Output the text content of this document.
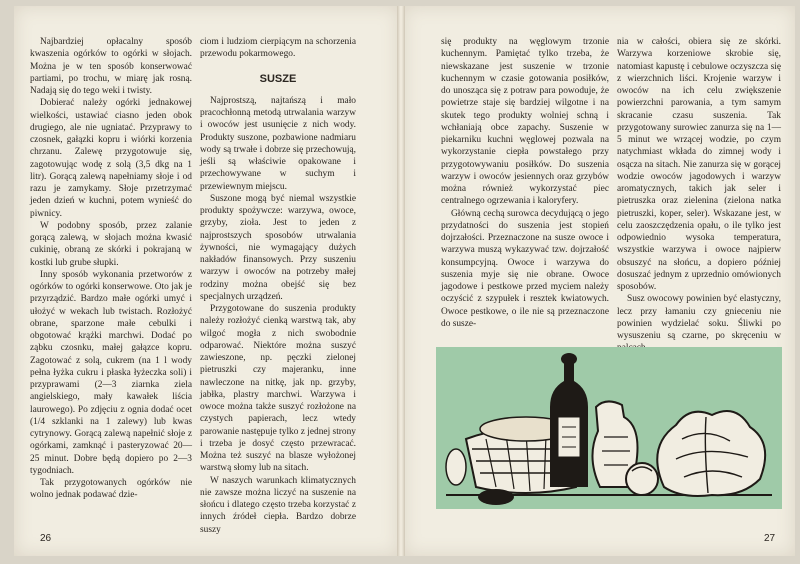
Najbardziej opłacalny sposób kwaszenia ogórków to ogórki w słojach. Można je w ten sposób konserwować partiami, po trochu, w miarę jak rosną. Nadają się do tego weki i twisty.

Dobierać należy ogórki jednakowej wielkości, ustawiać ciasno jeden obok drugiego, ale nie ugniatać. Przyprawy to czosnek, gałązki kopru i wiórki korzenia chrzanu. Zalewę przygotowuje się, zagotowując wodę z solą (3,5 dkg na 1 litr). Gorącą zalewą napełniamy słoje i od razu je zamykamy. Słoje przetrzymać jeden dzień w kuchni, potem wynieść do piwnicy.

W podobny sposób, przez zalanie gorącą zalewą, w słojach można kwasić cukinię, obraną ze skórki i pokrajaną w kostki lub grube słupki.

Inny sposób wykonania przetworów z ogórków to ogórki konserwowe. Oto jak je przyrządzić. Bardzo małe ogórki umyć i ułożyć w wekach lub twistach. Rozłożyć obrane, sparzone małe cebulki i obgotować krążki marchwi. Dodać po ząbku czosnku, małej gałązce kopru. Zagotować z solą, cukrem (na 1 l wody pełna łyżka cukru i płaska łyżeczka soli) i przyprawami (2—3 ziarnka ziela angielskiego, mały kawałek liścia laurowego). Po zdjęciu z ognia dodać ocet (1/4 szklanki na 1 zalewy) lub kwas cytrynowy. Gorącą zalewą napełnić słoje z ogórkami, zamknąć i pasteryzować 20—25 minut. Dobre będą dopiero po 2—3 tygodniach.

Tak przygotowanych ogórków nie wolno jednak podawać dzie-

ciom i ludziom cierpiącym na schorzenia przewodu pokarmowego.

SUSZE

Najprostszą, najtańszą i mało pracochłonną metodą utrwalania warzyw i owoców jest usunięcie z nich wody. Produkty suszone, pozbawione nadmiaru wody są trwałe i dobrze się przechowują, jeśli są właściwie opakowane i przechowywane w suchym i przewiewnym miejscu.

Suszone mogą być niemal wszystkie produkty spożywcze: warzywa, owoce, grzyby, zioła. Jest to jeden z najprostszych sposobów utrwalania żywności, nie wymagający dużych nakładów finansowych. Przy suszeniu warzyw i owoców na potrzeby małej rodziny można obejść się bez specjalnych urządzeń.

Przygotowane do suszenia produkty należy rozłożyć cienką warstwą tak, aby wilgoć mogła z nich swobodnie odparować. Niektóre można suszyć zawieszone, np. pęczki zielonej pietruszki czy majeranku, inne nawleczone na nitkę, jak np. grzyby, jabłka, plastry marchwi. Warzywa i owoce można także suszyć rozłożone na czystych papierach, lecz wtedy parowanie następuje tylko z jednej strony i trzeba je dosyć często przewracać. Można też suszyć na blasze wyłożonej warstwą słomy lub na sitach.

W naszych warunkach klimatycznych nie zawsze można liczyć na suszenie na słońcu i dlatego często trzeba korzystać z innych źródeł ciepła. Bardzo dobrze suszy

się produkty na węglowym trzonie kuchennym. Pamiętać tylko trzeba, że niewskazane jest suszenie w trzonie kuchennym w czasie gotowania posiłków, do unosząca się z potraw para powoduje, że powietrze staje się bardziej wilgotne i na skutek tego produkty wolniej schną i wchłaniają obce zapachy. Suszenie w piekarniku kuchni węglowej pozwala na wykorzystanie ciepła powstałego przy przygotowywaniu posiłków. Do suszenia warzyw i owoców jesiennych oraz grzybów można również wykorzystać piec centralnego ogrzewania i kaloryfery.

Główną cechą surowca decydującą o jego przydatności do suszenia jest stopień dojrzałości. Przeznaczone na susze owoce i warzywa muszą wykazywać tzw. dojrzałość konsumpcyjną. Owoce i warzywa do suszenia myje się nie obrane. Owoce jagodowe i pestkowe przed myciem należy oczyścić z szypułek i resztek kwiatowych. Owoce pestkowe, o ile nie są przeznaczone do susze-

nia w całości, obiera się ze skórki. Warzywa korzeniowe skrobie się, natomiast kapustę i cebulowe oczyszcza się z wierzchnich liści. Krojenie warzyw i owoców na ich celu zwiększenie powierzchni parowania, a tym samym skracanie czasu suszenia. Tak przygotowany surowiec zanurza się na 1—5 minut we wrzącej wodzie, po czym natychmiast wkłada do zimnej wody i osącza na sitach. Nie zanurza się w gorącej wodzie owoców jagodowych i warzyw aromatycznych, takich jak seler i pietruszka oraz zielenina (zielona natka pietruszki, koper, seler). Wskazane jest, w celu zaoszczędzenia opału, o ile tylko jest odpowiednio wysoka temperatura, wszystkie warzywa i owoce najpierw obsuszyć na słońcu, a dopiero później dosuszać jednym z uprzednio omówionych sposobów.

Susz owocowy powinien być elastyczny, lecz przy łamaniu czy gnieceniu nie powinien wydzielać soku. Śliwki po wysuszeniu są czarne, po skręceniu w

26	27
